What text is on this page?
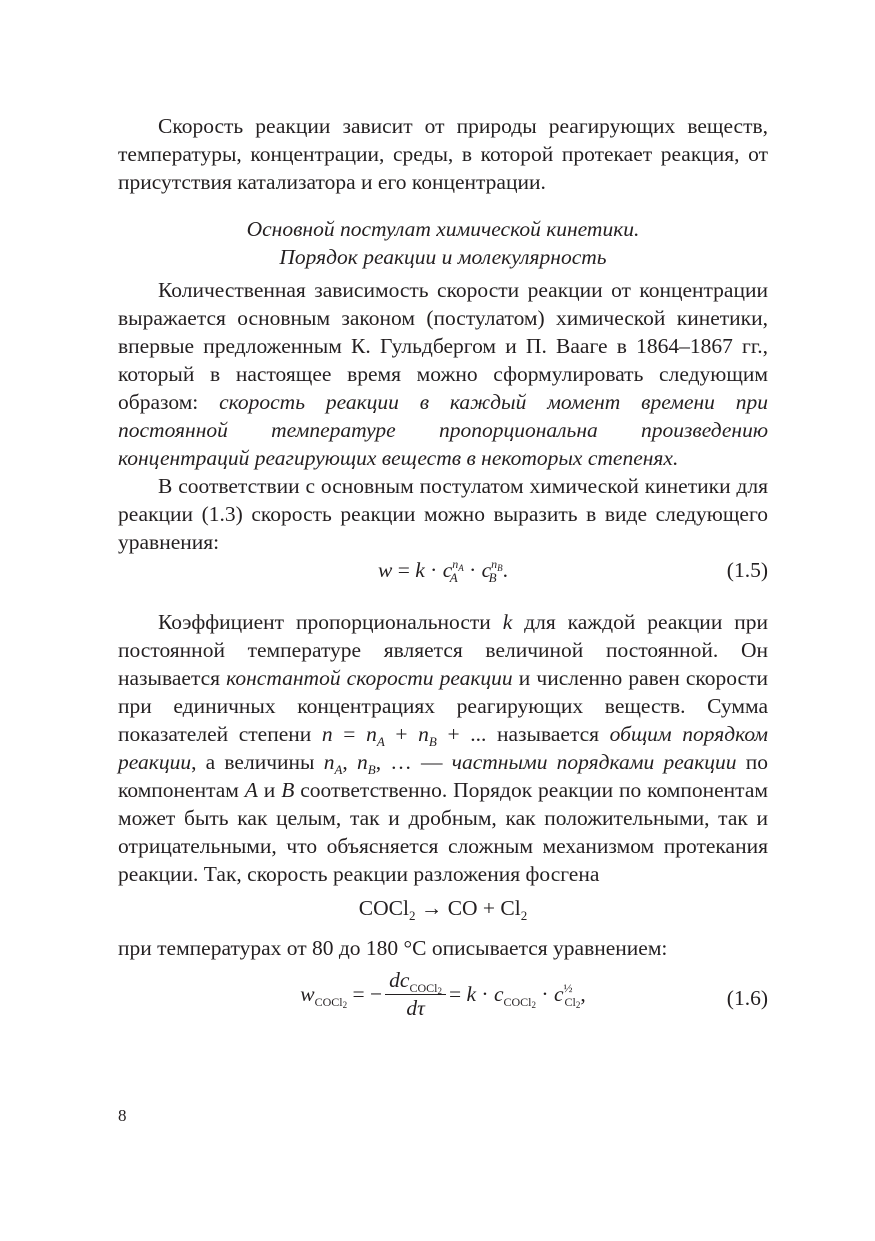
Скорость реакции зависит от природы реагирующих веществ, температуры, концентрации, среды, в которой протекает реакция, от присутствия катализатора и его концентрации.

Основной постулат химической кинетики.
Порядок реакции и молекулярность

Количественная зависимость скорости реакции от концентрации выражается основным законом (постулатом) химической кинетики, впервые предложенным К. Гульдбергом и П. Вааге в 1864–1867 гг., который в настоящее время можно сформулировать следующим образом: скорость реакции в каждый момент времени при постоянной температуре пропорциональна произведению концентраций реагирующих веществ в некоторых степенях.

В соответствии с основным постулатом химической кинетики для реакции (1.3) скорость реакции можно выразить в виде следующего уравнения:

$w = k \cdot c^{n_A}_A \cdot c^{n_B}_B$ .	(1.5)

Коэффициент пропорциональности k для каждой реакции при постоянной температуре является величиной постоянной. Он называется константой скорости реакции и численно равен скорости при единичных концентрациях реагирующих веществ. Сумма показателей степени $n = n_A + n_B$ + ... называется общим порядком реакции, а величины $n_A$, $n_B$, … — частными порядками реакции по компонентам A и B соответственно. Порядок реакции по компонентам может быть как целым, так и дробным, как положительными, так и отрицательными, что объясняется сложным механизмом протекания реакции. Так, скорость реакции разложения фосгена

COCl$_2$ → CO + $Cl_2$

при температурах от 80 до 180 °C описывается уравнением:

$w_{COCl_2}$ = − $\frac{dc_{COCl_2}}{d\tau} = k \cdot c_{COCl_2} \cdot c^{\frac{1}{2}}_{Cl_2}$,	(1.6)
8
